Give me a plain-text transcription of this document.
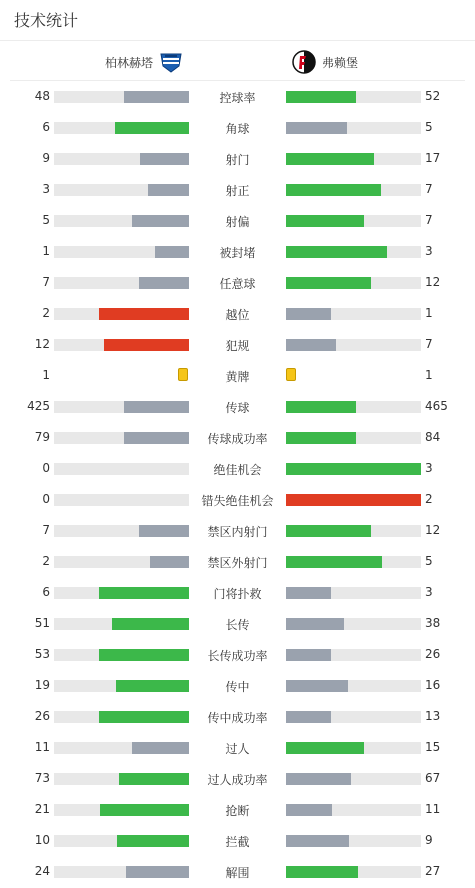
技术统计
柏林赫塔	弗赖堡
48	控球率	52
6	角球	5
9	射门	17
3	射正	7
5	射偏	7
1	被封堵	3
7	任意球	12
2	越位	1
12	犯规	7
1	黄牌	1
425	传球	465
79	传球成功率	84
0	绝佳机会	3
0	错失绝佳机会	2
7	禁区内射门	12
2	禁区外射门	5
6	门将扑救	3
51	长传	38
53	长传成功率	26
19	传中	16
26	传中成功率	13
11	过人	15
73	过人成功率	67
21	抢断	11
10	拦截	9
24	解围	27
